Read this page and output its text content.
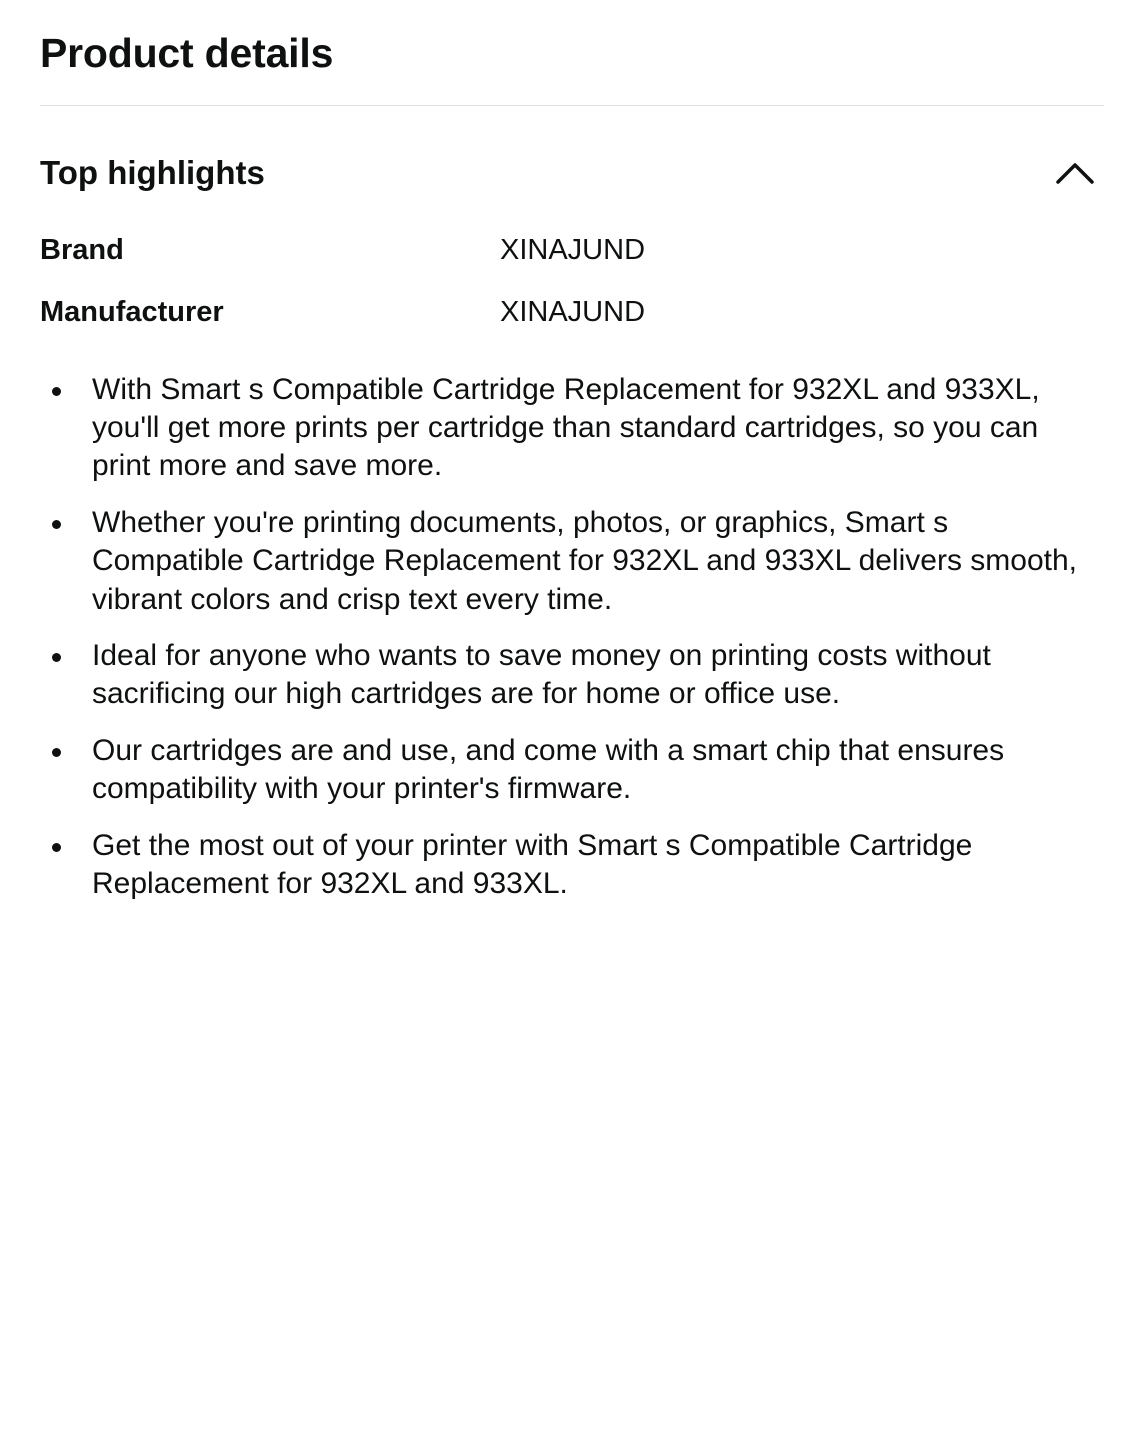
Product details
Top highlights
Brand	XINAJUND
Manufacturer	XINAJUND
With Smart s Compatible Cartridge Replacement for 932XL and 933XL, you'll get more prints per cartridge than standard cartridges, so you can print more and save more.
Whether you're printing documents, photos, or graphics, Smart s Compatible Cartridge Replacement for 932XL and 933XL delivers smooth, vibrant colors and crisp text every time.
Ideal for anyone who wants to save money on printing costs without sacrificing our high cartridges are for home or office use.
Our cartridges are and use, and come with a smart chip that ensures compatibility with your printer's firmware.
Get the most out of your printer with Smart s Compatible Cartridge Replacement for 932XL and 933XL.
